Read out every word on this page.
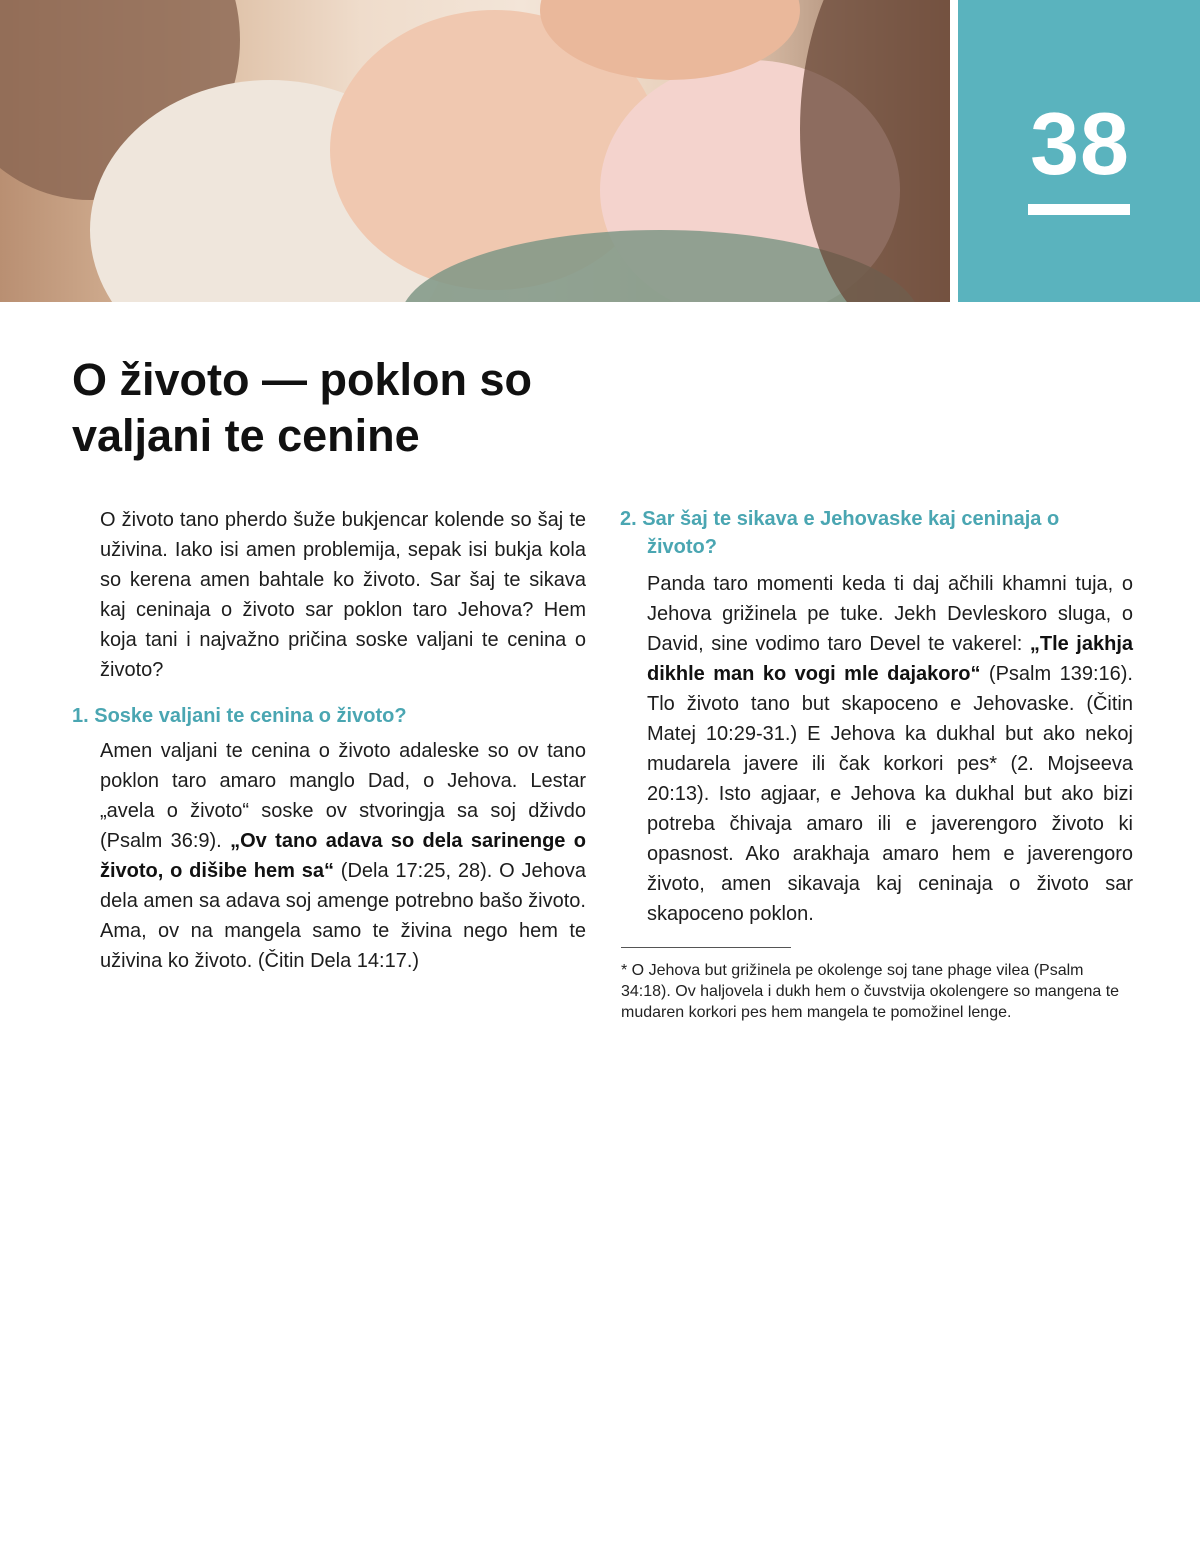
38
O životo — poklon so valjani te cenine

O životo tano pherdo šuže bukjencar kolende so šaj te uživina. Iako isi amen problemija, sepak isi bukja kola so kerena amen bahtale ko životo. Sar šaj te sikava kaj ceninaja o životo sar poklon taro Jehova? Hem koja tani i najvažno pričina soske valjani te cenina o životo?

1. Soske valjani te cenina o životo?

Amen valjani te cenina o životo adaleske so ov tano poklon taro amaro manglo Dad, o Jehova. Lestar „avela o životo“ soske ov stvoringja sa soj dživdo (Psalm 36:9). „Ov tano adava so dela sarinenge o životo, o dišibe hem sa“ (Dela 17:25, 28). O Jehova dela amen sa adava soj amenge potrebno bašo životo. Ama, ov na mangela samo te živina nego hem te uživina ko životo. (Čitin Dela 14:17.)

2. Sar šaj te sikava e Jehovaske kaj ceninaja o životo?

Panda taro momenti keda ti daj ačhili khamni tuja, o Jehova grižinela pe tuke. Jekh Devleskoro sluga, o David, sine vodimo taro Devel te vakerel: „Tle jakhja dikhle man ko vogi mle dajakoro“ (Psalm 139:16). Tlo životo tano but skapoceno e Jehovaske. (Čitin Matej 10:29-31.) E Jehova ka dukhal but ako nekoj mudarela javere ili čak korkori pes* (2. Mojseeva 20:13). Isto agjaar, e Jehova ka dukhal but ako bizi potreba čhivaja amaro ili e javerengoro životo ki opasnost. Ako arakhaja amaro hem e javerengoro životo, amen sikavaja kaj ceninaja o životo sar skapoceno poklon.

* O Jehova but grižinela pe okolenge soj tane phage vilea (Psalm 34:18). Ov haljovela i dukh hem o čuvstvija okolengere so mangena te mudaren korkori pes hem mangela te pomožinel lenge.
